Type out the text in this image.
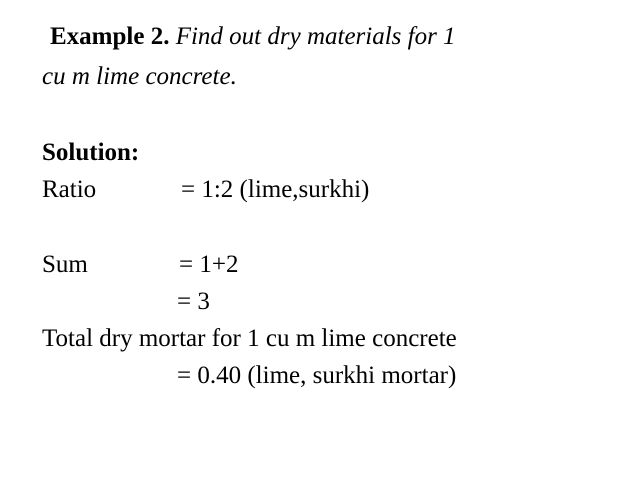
Example 2. Find out dry materials for 1
cu m lime concrete.
Solution:
Ratio	= 1:2 (lime,surkhi)
Sum	= 1+2
= 3
Total dry mortar for 1 cu m lime concrete
= 0.40 (lime, surkhi mortar)
